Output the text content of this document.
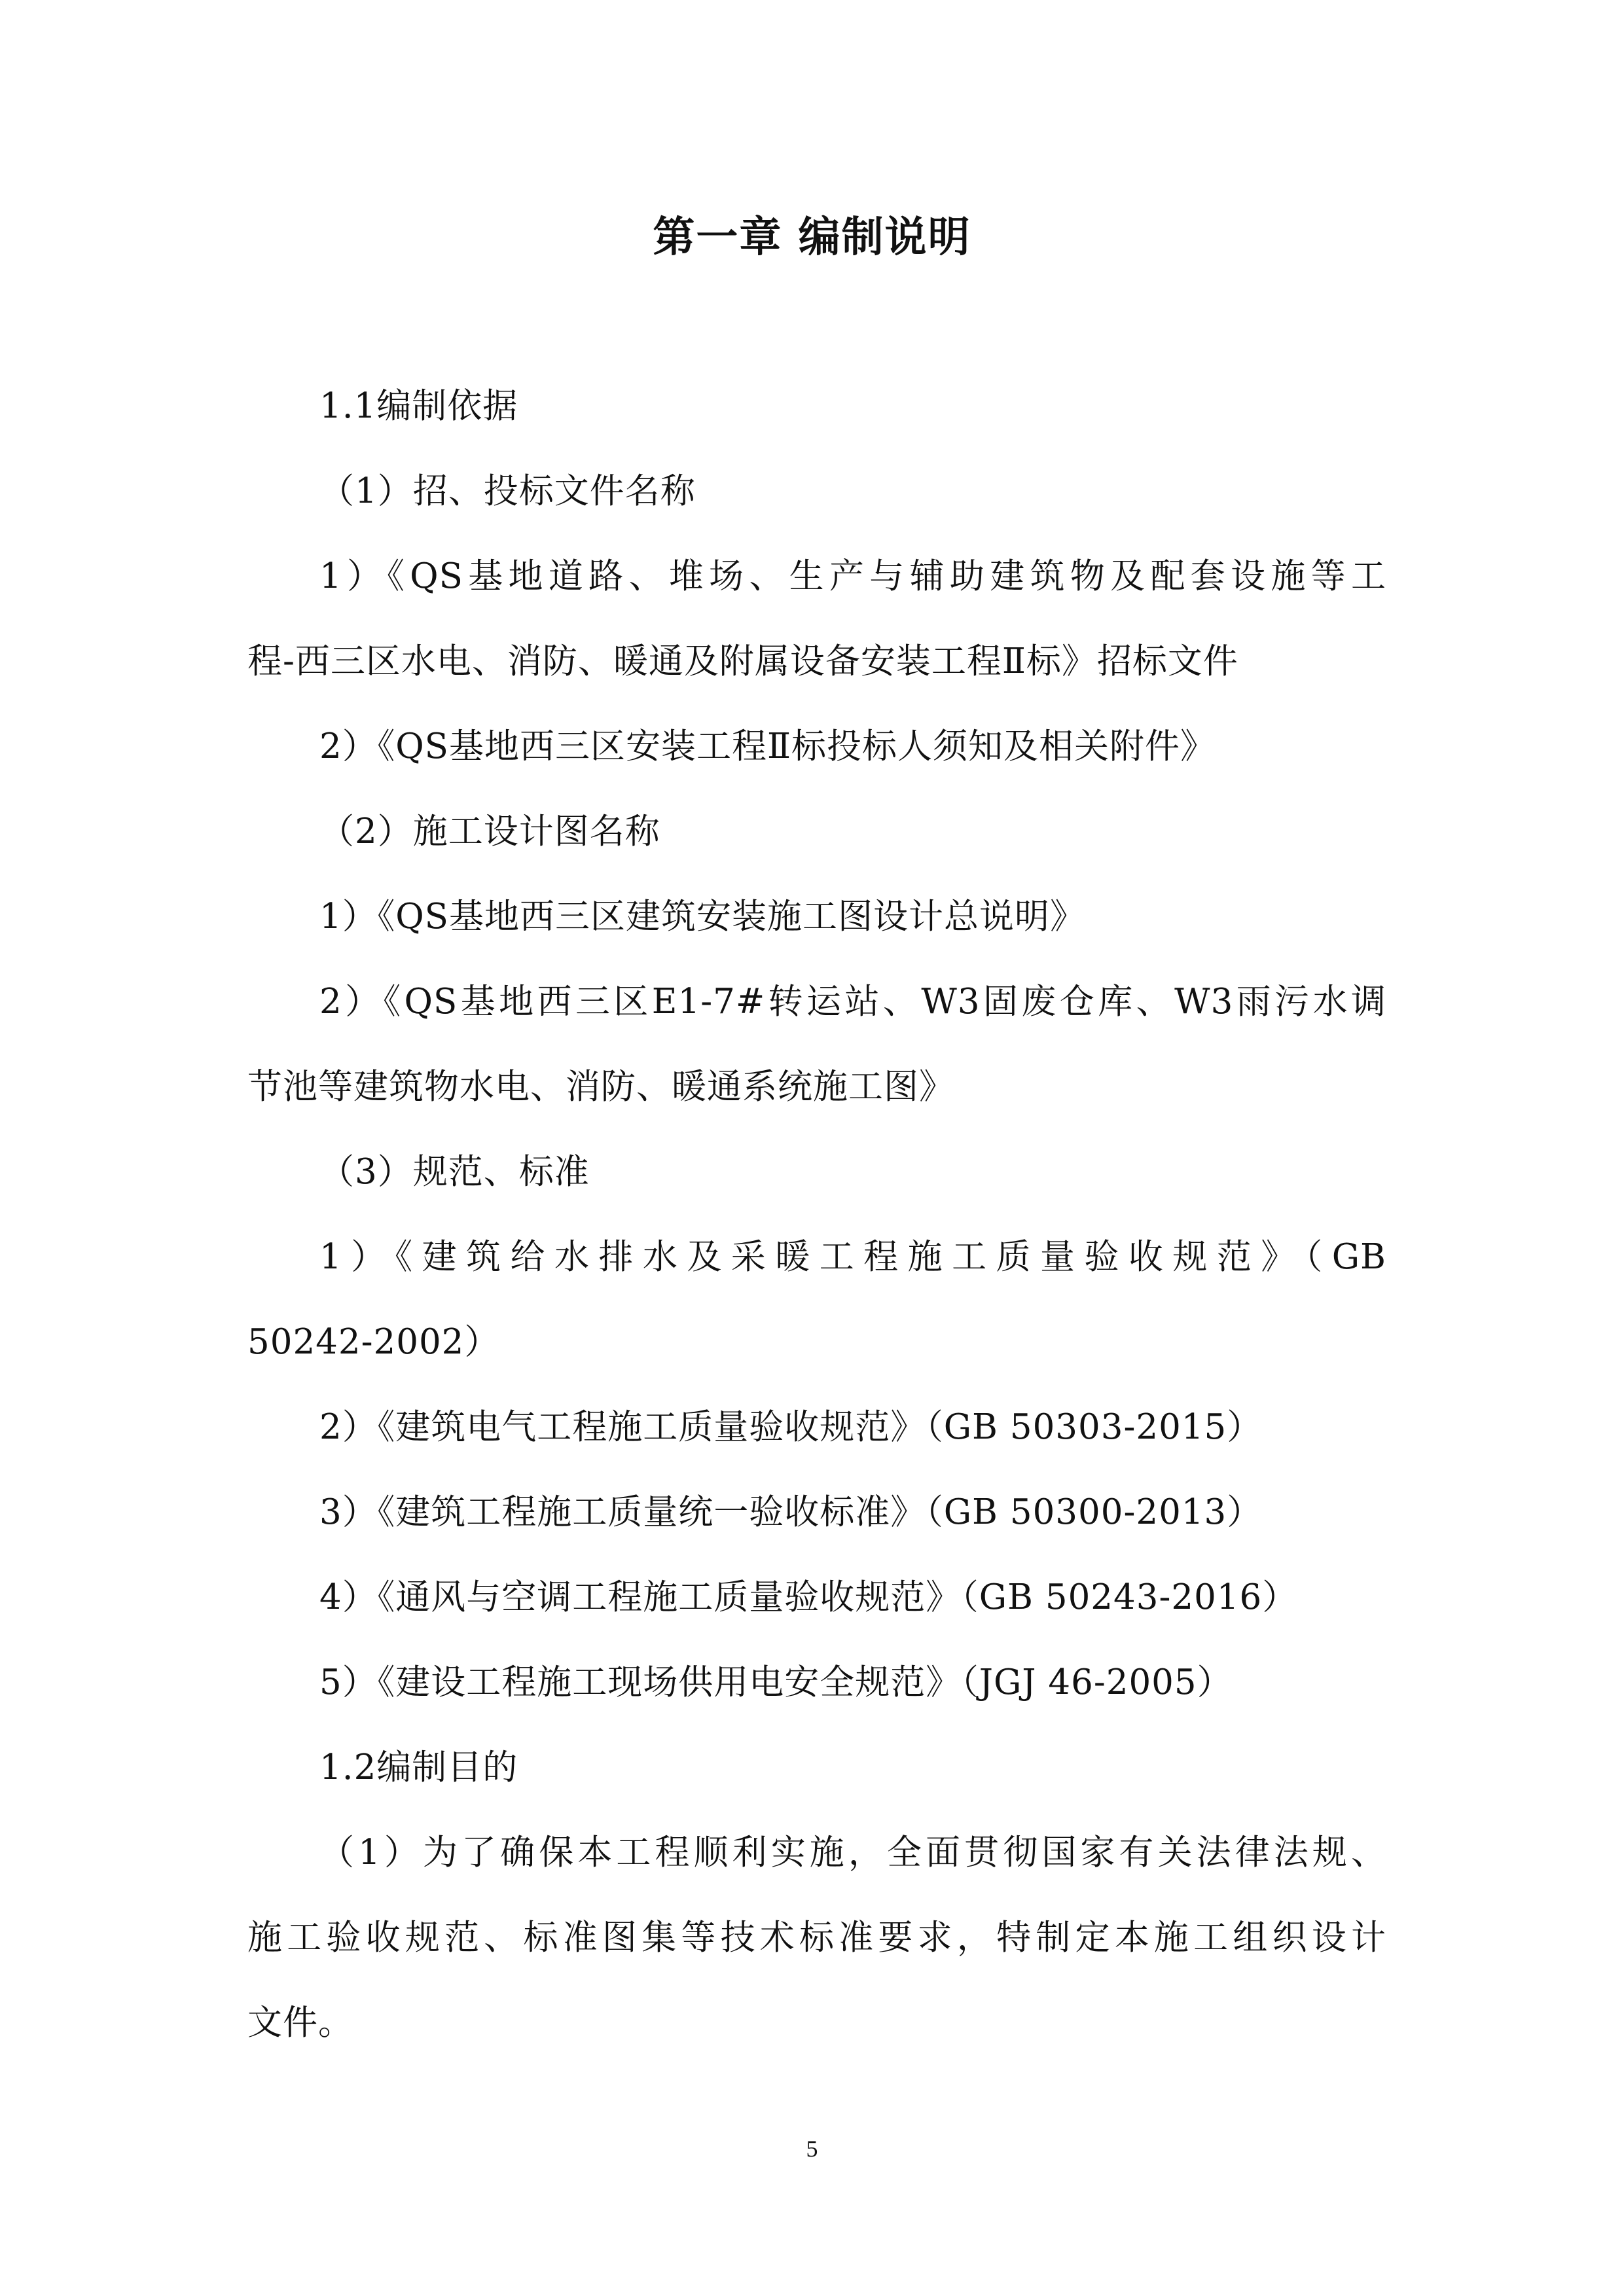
第一章 编制说明
1.1编制依据
（1）招、投标文件名称
1）《QS基地道路、堆场、生产与辅助建筑物及配套设施等工
程-西三区水电、消防、暖通及附属设备安装工程Ⅱ标》招标文件
2）《QS基地西三区安装工程Ⅱ标投标人须知及相关附件》
（2）施工设计图名称
1）《QS基地西三区建筑安装施工图设计总说明》
2）《QS基地西三区E1-7#转运站、W3固废仓库、W3雨污水调
节池等建筑物水电、消防、暖通系统施工图》
（3）规范、标准
1）《建筑给水排水及采暖工程施工质量验收规范》（GB
50242-2002）
2）《建筑电气工程施工质量验收规范》（GB 50303-2015）
3）《建筑工程施工质量统一验收标准》（GB 50300-2013）
4）《通风与空调工程施工质量验收规范》（GB 50243-2016）
5）《建设工程施工现场供用电安全规范》（JGJ 46-2005）
1.2编制目的
（1）为了确保本工程顺利实施，全面贯彻国家有关法律法规、
施工验收规范、标准图集等技术标准要求，特制定本施工组织设计
文件。
5
